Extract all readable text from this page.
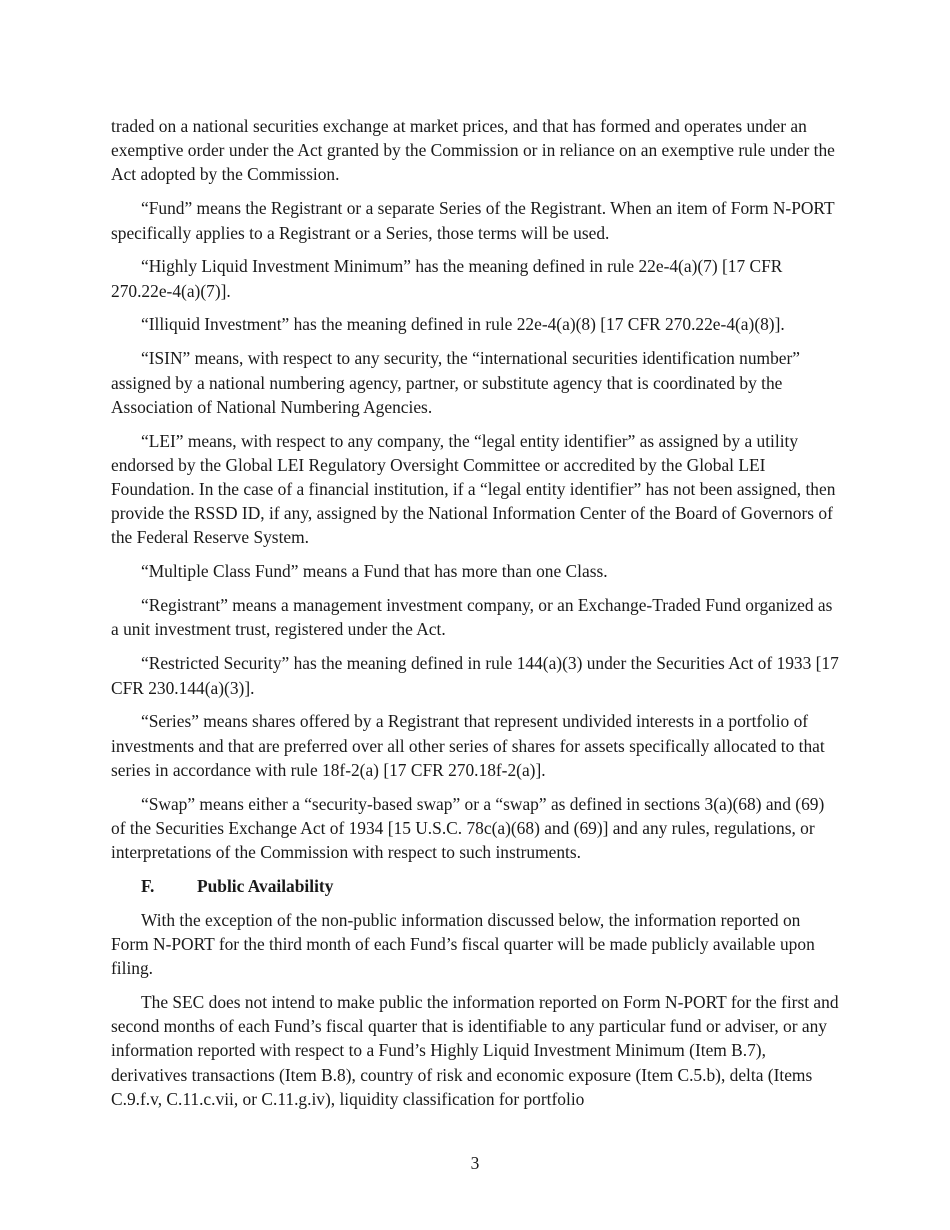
traded on a national securities exchange at market prices, and that has formed and operates under an exemptive order under the Act granted by the Commission or in reliance on an exemptive rule under the Act adopted by the Commission.

“Fund” means the Registrant or a separate Series of the Registrant. When an item of Form N-PORT specifically applies to a Registrant or a Series, those terms will be used.

“Highly Liquid Investment Minimum” has the meaning defined in rule 22e-4(a)(7) [17 CFR 270.22e-4(a)(7)].

“Illiquid Investment” has the meaning defined in rule 22e-4(a)(8) [17 CFR 270.22e-4(a)(8)].

“ISIN” means, with respect to any security, the “international securities identification number” assigned by a national numbering agency, partner, or substitute agency that is coordinated by the Association of National Numbering Agencies.

“LEI” means, with respect to any company, the “legal entity identifier” as assigned by a utility endorsed by the Global LEI Regulatory Oversight Committee or accredited by the Global LEI Foundation. In the case of a financial institution, if a “legal entity identifier” has not been assigned, then provide the RSSD ID, if any, assigned by the National Information Center of the Board of Governors of the Federal Reserve System.

“Multiple Class Fund” means a Fund that has more than one Class.

“Registrant” means a management investment company, or an Exchange-Traded Fund organized as a unit investment trust, registered under the Act.

“Restricted Security” has the meaning defined in rule 144(a)(3) under the Securities Act of 1933 [17 CFR 230.144(a)(3)].

“Series” means shares offered by a Registrant that represent undivided interests in a portfolio of investments and that are preferred over all other series of shares for assets specifically allocated to that series in accordance with rule 18f-2(a) [17 CFR 270.18f-2(a)].

“Swap” means either a “security-based swap” or a “swap” as defined in sections 3(a)(68) and (69) of the Securities Exchange Act of 1934 [15 U.S.C. 78c(a)(68) and (69)] and any rules, regulations, or interpretations of the Commission with respect to such instruments.

F.	Public Availability

With the exception of the non-public information discussed below, the information reported on Form N-PORT for the third month of each Fund’s fiscal quarter will be made publicly available upon filing.

The SEC does not intend to make public the information reported on Form N-PORT for the first and second months of each Fund’s fiscal quarter that is identifiable to any particular fund or adviser, or any information reported with respect to a Fund’s Highly Liquid Investment Minimum (Item B.7), derivatives transactions (Item B.8), country of risk and economic exposure (Item C.5.b), delta (Items C.9.f.v, C.11.c.vii, or C.11.g.iv), liquidity classification for portfolio

3
